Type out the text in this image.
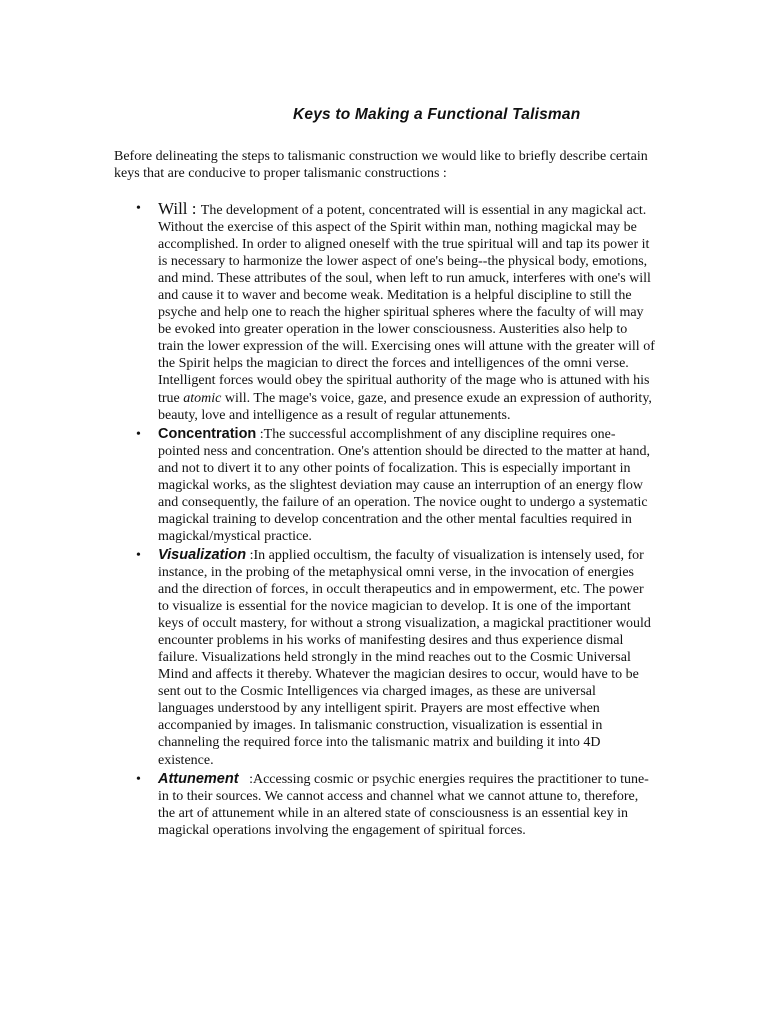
Keys to Making a Functional Talisman
Before delineating the steps to talismanic construction we would like to briefly describe certain keys that are conducive to proper talismanic constructions :
• Will : The development of a potent, concentrated will is essential in any magickal act. Without the exercise of this aspect of the Spirit within man, nothing magickal may be accomplished. In order to aligned oneself with the true spiritual will and tap its power it is necessary to harmonize the lower aspect of one's being--the physical body, emotions, and mind. These attributes of the soul, when left to run amuck, interferes with one's will and cause it to waver and become weak. Meditation is a helpful discipline to still the psyche and help one to reach the higher spiritual spheres where the faculty of will may be evoked into greater operation in the lower consciousness. Austerities also help to train the lower expression of the will. Exercising ones will attune with the greater will of the Spirit helps the magician to direct the forces and intelligences of the omni verse. Intelligent forces would obey the spiritual authority of the mage who is attuned with his true atomic will. The mage's voice, gaze, and presence exude an expression of authority, beauty, love and intelligence as a result of regular attunements.
• Concentration :The successful accomplishment of any discipline requires one-pointed ness and concentration. One's attention should be directed to the matter at hand, and not to divert it to any other points of focalization. This is especially important in magickal works, as the slightest deviation may cause an interruption of an energy flow and consequently, the failure of an operation. The novice ought to undergo a systematic magickal training to develop concentration and the other mental faculties required in magickal/mystical practice.
• Visualization :In applied occultism, the faculty of visualization is intensely used, for instance, in the probing of the metaphysical omni verse, in the invocation of energies and the direction of forces, in occult therapeutics and in empowerment, etc. The power to visualize is essential for the novice magician to develop. It is one of the important keys of occult mastery, for without a strong visualization, a magickal practitioner would encounter problems in his works of manifesting desires and thus experience dismal failure. Visualizations held strongly in the mind reaches out to the Cosmic Universal Mind and affects it thereby. Whatever the magician desires to occur, would have to be sent out to the Cosmic Intelligences via charged images, as these are universal languages understood by any intelligent spirit. Prayers are most effective when accompanied by images. In talismanic construction, visualization is essential in channeling the required force into the talismanic matrix and building it into 4D existence.
• Attunement   :Accessing cosmic or psychic energies requires the practitioner to tune-in to their sources. We cannot access and channel what we cannot attune to, therefore, the art of attunement while in an altered state of consciousness is an essential key in magickal operations involving the engagement of spiritual forces.
